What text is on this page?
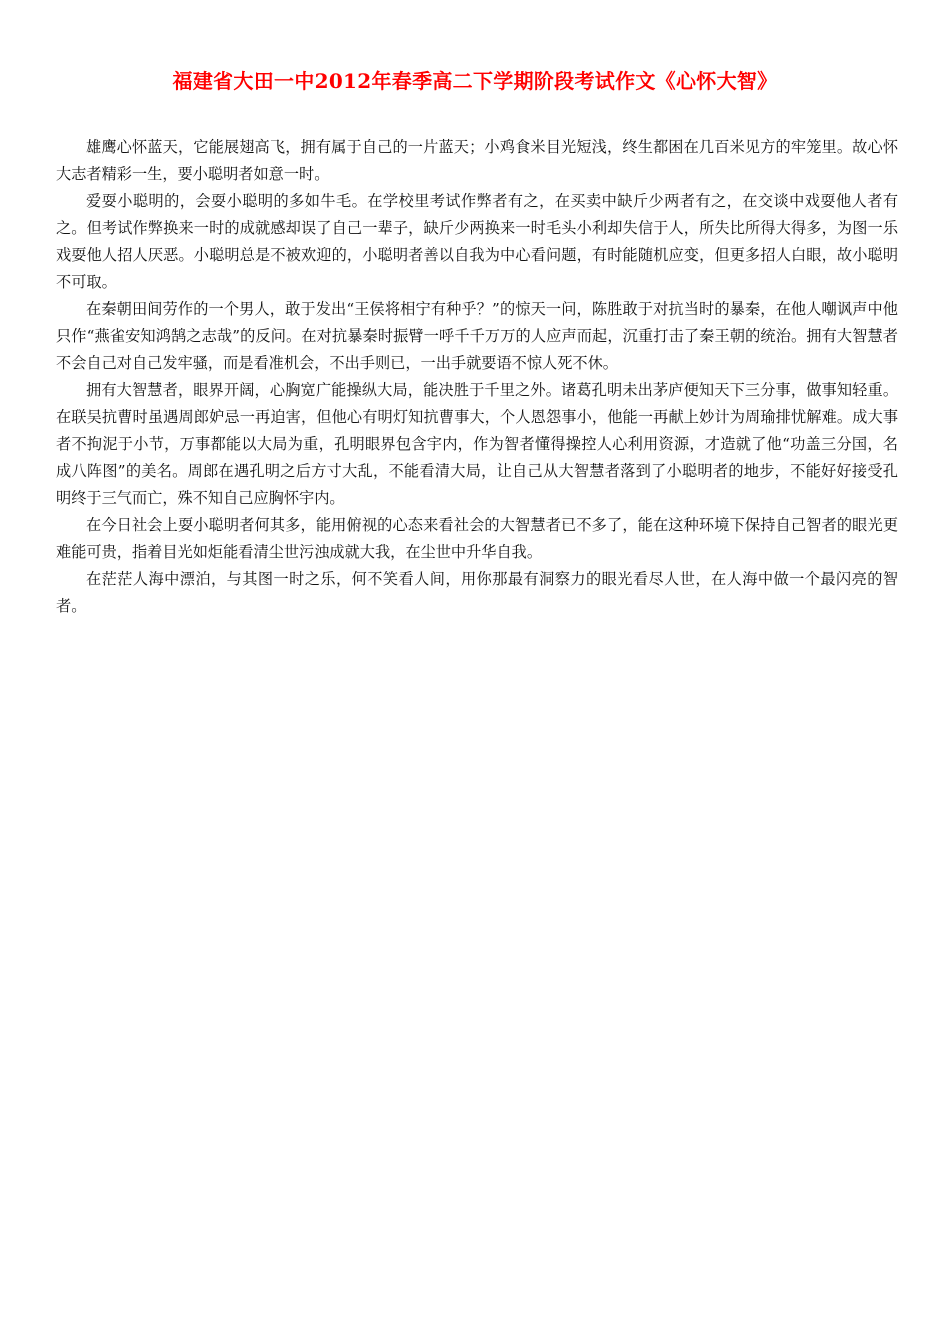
福建省大田一中2012年春季高二下学期阶段考试作文《心怀大智》

雄鹰心怀蓝天，它能展翅高飞，拥有属于自己的一片蓝天；小鸡食米目光短浅，终生都困在几百米见方的牢笼里。故心怀大志者精彩一生，要小聪明者如意一时。

爱耍小聪明的，会耍小聪明的多如牛毛。在学校里考试作弊者有之，在买卖中缺斤少两者有之，在交谈中戏耍他人者有之。但考试作弊换来一时的成就感却误了自己一辈子，缺斤少两换来一时毛头小利却失信于人，所失比所得大得多，为图一乐戏耍他人招人厌恶。小聪明总是不被欢迎的，小聪明者善以自我为中心看问题，有时能随机应变，但更多招人白眼，故小聪明不可取。

在秦朝田间劳作的一个男人，敢于发出“王侯将相宁有种乎？”的惊天一问，陈胜敢于对抗当时的暴秦，在他人嘲讽声中他只作“燕雀安知鸿鹄之志哉”的反问。在对抗暴秦时振臂一呼千千万万的人应声而起，沉重打击了秦王朝的统治。拥有大智慧者不会自己对自己发牢骚，而是看准机会，不出手则已，一出手就要语不惊人死不休。

拥有大智慧者，眼界开阔，心胸宽广能操纵大局，能决胜于千里之外。诸葛孔明未出茅庐便知天下三分事，做事知轻重。在联吴抗曹时虽遇周郎妒忌一再迫害，但他心有明灯知抗曹事大，个人恩怨事小，他能一再献上妙计为周瑜排忧解难。成大事者不拘泥于小节，万事都能以大局为重，孔明眼界包含宇内，作为智者懂得操控人心利用资源，才造就了他“功盖三分国，名成八阵图”的美名。周郎在遇孔明之后方寸大乱，不能看清大局，让自己从大智慧者落到了小聪明者的地步，不能好好接受孔明终于三气而亡，殊不知自己应胸怀宇内。

在今日社会上耍小聪明者何其多，能用俯视的心态来看社会的大智慧者已不多了，能在这种环境下保持自己智者的眼光更难能可贵，指着目光如炬能看清尘世污浊成就大我，在尘世中升华自我。

在茫茫人海中漂泊，与其图一时之乐，何不笑看人间，用你那最有洞察力的眼光看尽人世，在人海中做一个最闪亮的智者。
